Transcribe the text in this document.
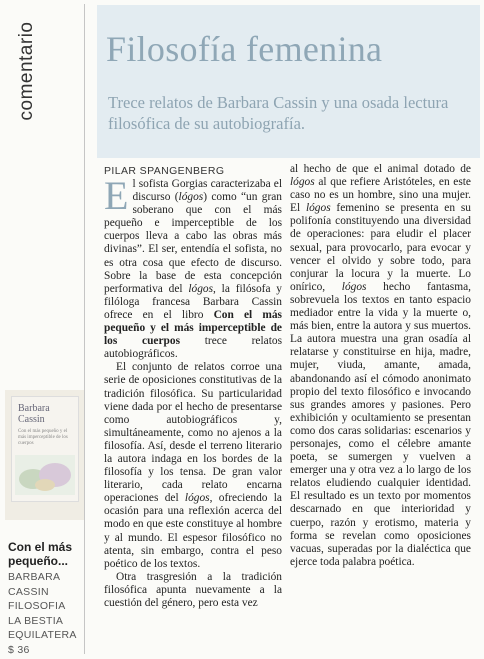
comentario Filosofía femenina

Trece relatos de Barbara Cassin y una osada lectura filosófica de su autobiografía.

PILAR SPANGENBERG

El sofista Gorgias caracterizaba el discurso (lógos) como “un gran soberano que con el más pequeño e imperceptible de los cuerpos lleva a cabo las obras más divinas”. El ser, entendía el sofista, no es otra cosa que efecto de discurso. Sobre la base de esta concepción performativa del lógos, la filósofa y filóloga francesa Barbara Cassin ofrece en el libro Con el más pequeño y el más imperceptible de los cuerpos trece relatos autobiográficos.

El conjunto de relatos corroe una serie de oposiciones constitutivas de la tradición filosófica. Su particularidad viene dada por el hecho de presentarse como autobiográficos y, simultáneamente, como no ajenos a la filosofía. Así, desde el terreno literario la autora indaga en los bordes de la filosofía y los tensa. De gran valor literario, cada relato encarna operaciones del lógos, ofreciendo la ocasión para una reflexión acerca del modo en que este constituye al hombre y al mundo. El espesor filosófico no atenta, sin embargo, contra el peso poético de los textos.

Otra trasgresión a la tradición filosófica apunta nuevamente a la cuestión del género, pero esta vez

al hecho de que el animal dotado de lógos al que refiere Aristóteles, en este caso no es un hombre, sino una mujer. El lógos femenino se presenta en su polifonía constituyendo una diversidad de operaciones: para eludir el placer sexual, para provocarlo, para evocar y vencer el olvido y sobre todo, para conjurar la locura y la muerte. Lo onírico, lógos hecho fantasma, sobrevuela los textos en tanto espacio mediador entre la vida y la muerte o, más bien, entre la autora y sus muertos. La autora muestra una gran osadía al relatarse y constituirse en hija, madre, mujer, viuda, amante, amada, abandonando así el cómodo anonimato propio del texto filosófico e invocando sus grandes amores y pasiones. Pero exhibición y ocultamiento se presentan como dos caras solidarias: escenarios y personajes, como el célebre amante poeta, se sumergen y vuelven a emerger una y otra vez a lo largo de los relatos eludiendo cualquier identidad. El resultado es un texto por momentos descarnado en que interioridad y cuerpo, razón y erotismo, materia y forma se revelan como oposiciones vacuas, superadas por la dialéctica que ejerce toda palabra poética.

Barbara Cassin
Con el más pequeño y el más imperceptible de los cuerpos
Con el más pequeño...
BARBARA
CASSIN
FILOSOFIA
LA BESTIA
EQUILATERA
$ 36
